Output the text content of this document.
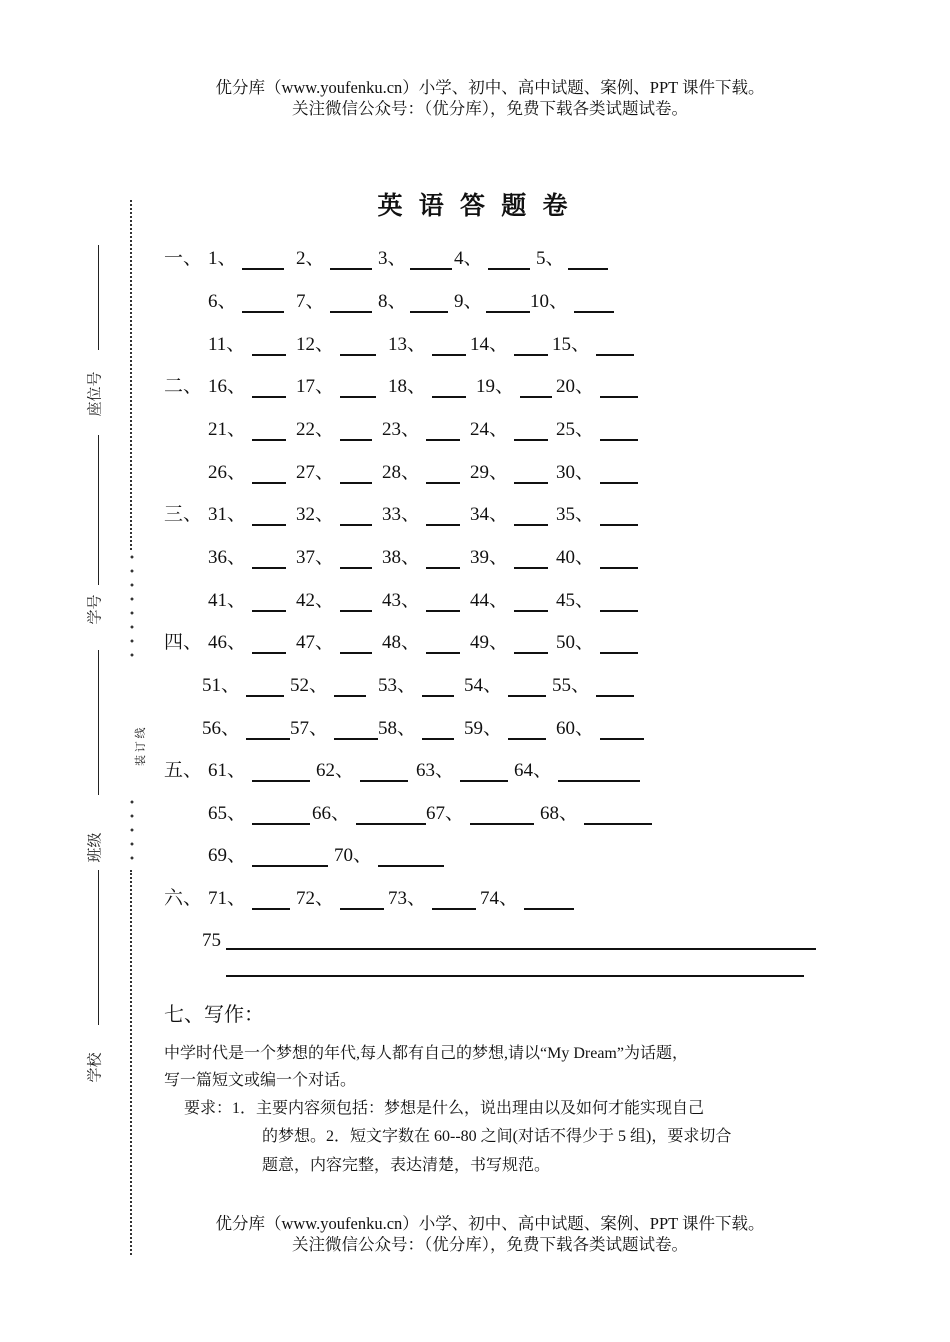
优分库（www.youfenku.cn）小学、初中、高中试题、案例、PPT 课件下载。
关注微信公众号：（优分库），免费下载各类试题试卷。
英 语 答 题 卷
座位号
学号
装 订 线
班级
学校
一、 1、	2、	3、 4、	5、
6、	7、	8、 9、 10、
11、	12、	13、 14、 15、
二、 16、	17、	18、	19、 20、
21、	22、	23、	24、	25、
26、	27、	28、	29、	30、
三、 31、	32、	33、	34、	35、
36、	37、	38、	39、	40、
41、	42、	43、	44、	45、
四、 46、	47、	48、	49、	50、
51、	52、	53、	54、	55、
56、	57、	58、	59、	60、
五、 61、	62、	63、	64、
65、	66、	67、	68、
69、	70、
六、 71、	72、	73、	74、
75
七、写作：
中学时代是一个梦想的年代,每人都有自己的梦想,请以“My Dream”为话题，
写一篇短文或编一个对话。
要求：1．主要内容须包括：梦想是什么，说出理由以及如何才能实现自己
的梦想。2．短文字数在 60--80 之间(对话不得少于 5 组)，要求切合
题意，内容完整，表达清楚，书写规范。
优分库（www.youfenku.cn）小学、初中、高中试题、案例、PPT 课件下载。
关注微信公众号：（优分库），免费下载各类试题试卷。
